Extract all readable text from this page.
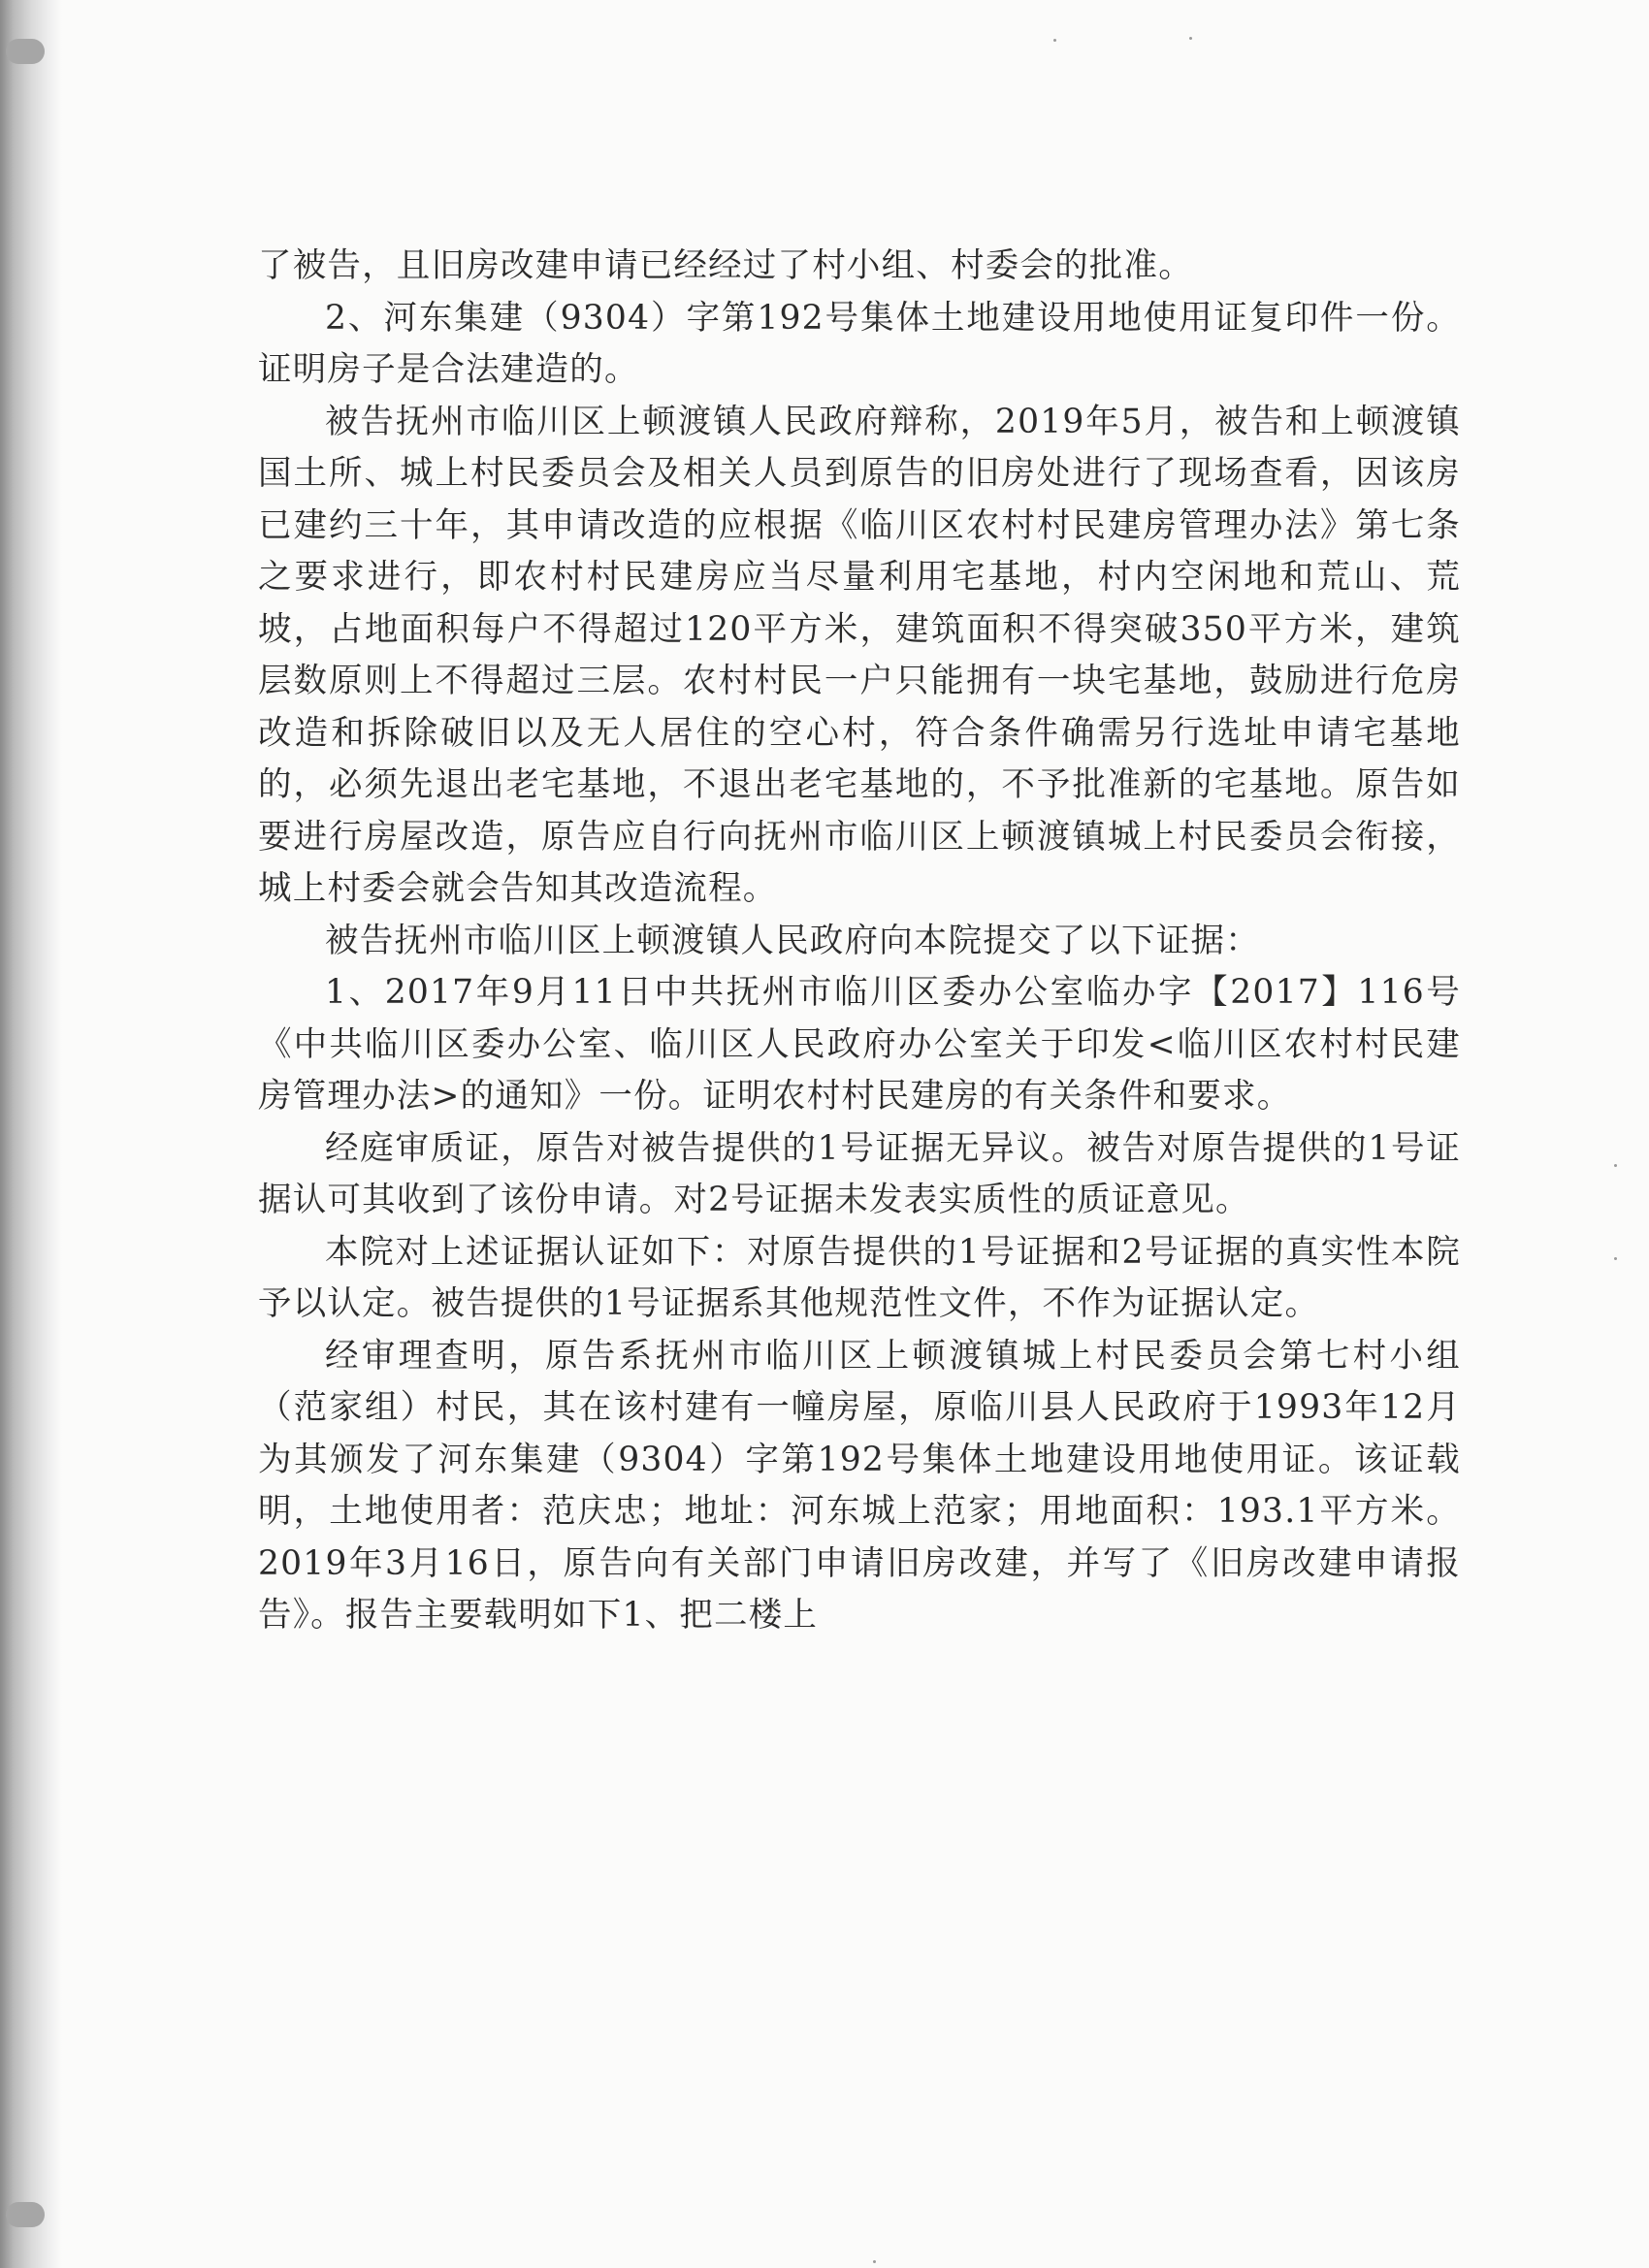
了被告，且旧房改建申请已经经过了村小组、村委会的批准。

2、河东集建（9304）字第192号集体土地建设用地使用证复印件一份。证明房子是合法建造的。

被告抚州市临川区上顿渡镇人民政府辩称，2019年5月，被告和上顿渡镇国土所、城上村民委员会及相关人员到原告的旧房处进行了现场查看，因该房已建约三十年，其申请改造的应根据《临川区农村村民建房管理办法》第七条之要求进行，即农村村民建房应当尽量利用宅基地，村内空闲地和荒山、荒坡，占地面积每户不得超过120平方米，建筑面积不得突破350平方米，建筑层数原则上不得超过三层。农村村民一户只能拥有一块宅基地，鼓励进行危房改造和拆除破旧以及无人居住的空心村，符合条件确需另行选址申请宅基地的，必须先退出老宅基地，不退出老宅基地的，不予批准新的宅基地。原告如要进行房屋改造，原告应自行向抚州市临川区上顿渡镇城上村民委员会衔接，城上村委会就会告知其改造流程。

被告抚州市临川区上顿渡镇人民政府向本院提交了以下证据：

1、2017年9月11日中共抚州市临川区委办公室临办字【2017】116号《中共临川区委办公室、临川区人民政府办公室关于印发<临川区农村村民建房管理办法>的通知》一份。证明农村村民建房的有关条件和要求。

经庭审质证，原告对被告提供的1号证据无异议。被告对原告提供的1号证据认可其收到了该份申请。对2号证据未发表实质性的质证意见。

本院对上述证据认证如下：对原告提供的1号证据和2号证据的真实性本院予以认定。被告提供的1号证据系其他规范性文件，不作为证据认定。

经审理查明，原告系抚州市临川区上顿渡镇城上村民委员会第七村小组（范家组）村民，其在该村建有一幢房屋，原临川县人民政府于1993年12月为其颁发了河东集建（9304）字第192号集体土地建设用地使用证。该证载明，土地使用者：范庆忠；地址：河东城上范家；用地面积：193.1平方米。2019年3月16日，原告向有关部门申请旧房改建，并写了《旧房改建申请报告》。报告主要载明如下1、把二楼上
